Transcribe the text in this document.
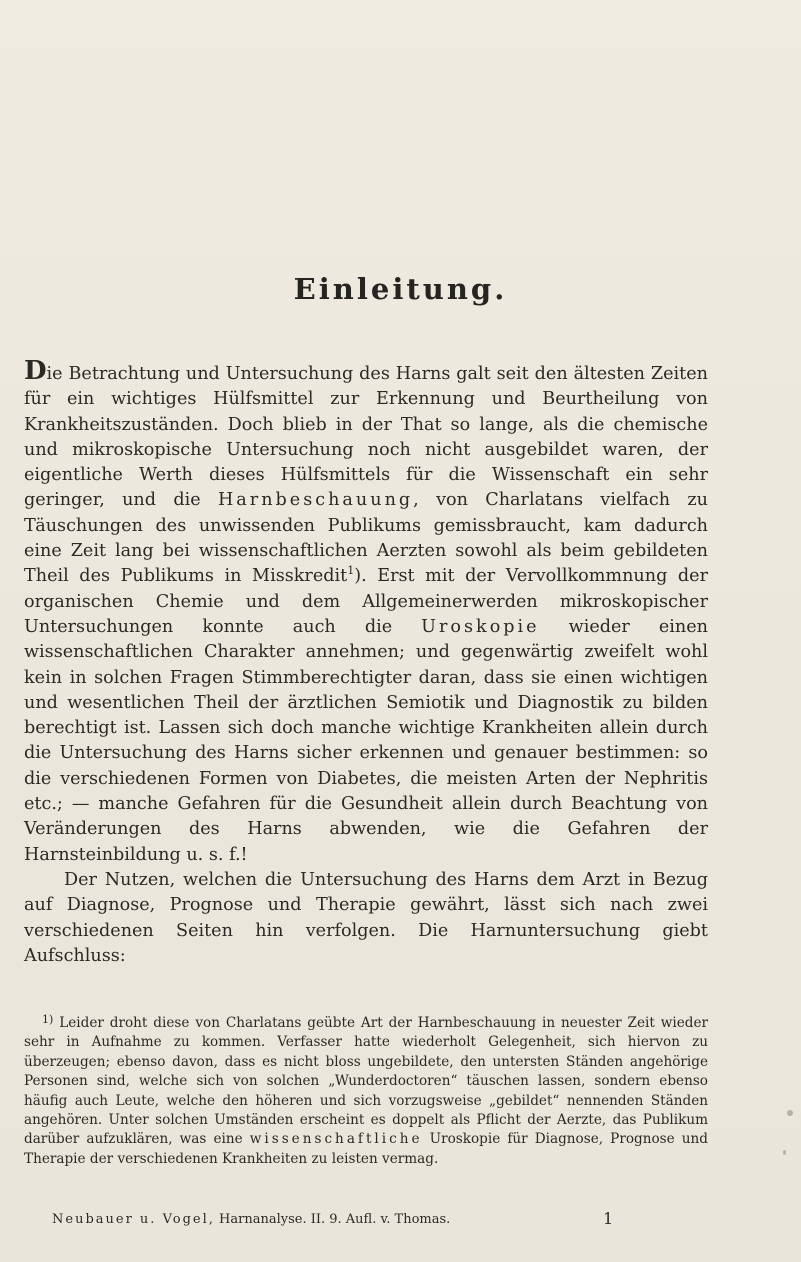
Einleitung.

Die Betrachtung und Untersuchung des Harns galt seit den ältesten Zeiten für ein wichtiges Hülfsmittel zur Erkennung und Beurtheilung von Krankheitszuständen. Doch blieb in der That so lange, als die chemische und mikroskopische Untersuchung noch nicht ausgebildet waren, der eigentliche Werth dieses Hülfsmittels für die Wissenschaft ein sehr geringer, und die Harnbeschauung, von Charlatans vielfach zu Täuschungen des unwissenden Publikums gemissbraucht, kam dadurch eine Zeit lang bei wissenschaftlichen Aerzten sowohl als beim gebildeten Theil des Publikums in Misskredit$^1$). Erst mit der Vervollkommnung der organischen Chemie und dem Allgemeinerwerden mikroskopischer Untersuchungen konnte auch die Uroskopie wieder einen wissenschaftlichen Charakter annehmen; und gegenwärtig zweifelt wohl kein in solchen Fragen Stimmberechtigter daran, dass sie einen wichtigen und wesentlichen Theil der ärztlichen Semiotik und Diagnostik zu bilden berechtigt ist. Lassen sich doch manche wichtige Krankheiten allein durch die Untersuchung des Harns sicher erkennen und genauer bestimmen: so die verschiedenen Formen von Diabetes, die meisten Arten der Nephritis etc.; — manche Gefahren für die Gesundheit allein durch Beachtung von Veränderungen des Harns abwenden, wie die Gefahren der Harnsteinbildung u. s. f.!

Der Nutzen, welchen die Untersuchung des Harns dem Arzt in Bezug auf Diagnose, Prognose und Therapie gewährt, lässt sich nach zwei verschiedenen Seiten hin verfolgen. Die Harnuntersuchung giebt Aufschluss:

$^{1)}$ Leider droht diese von Charlatans geübte Art der Harnbeschauung in neuester Zeit wieder sehr in Aufnahme zu kommen. Verfasser hatte wiederholt Gelegenheit, sich hiervon zu überzeugen; ebenso davon, dass es nicht bloss ungebildete, den untersten Ständen angehörige Personen sind, welche sich von solchen „Wunderdoctoren“ täuschen lassen, sondern ebenso häufig auch Leute, welche den höheren und sich vorzugsweise „gebildet“ nennenden Ständen angehören. Unter solchen Umständen erscheint es doppelt als Pflicht der Aerzte, das Publikum darüber aufzuklären, was eine wissenschaftliche Uroskopie für Diagnose, Prognose und Therapie der verschiedenen Krankheiten zu leisten vermag.
Neubauer u. Vogel, Harnanalyse. II. 9. Aufl. v. Thomas.	1
